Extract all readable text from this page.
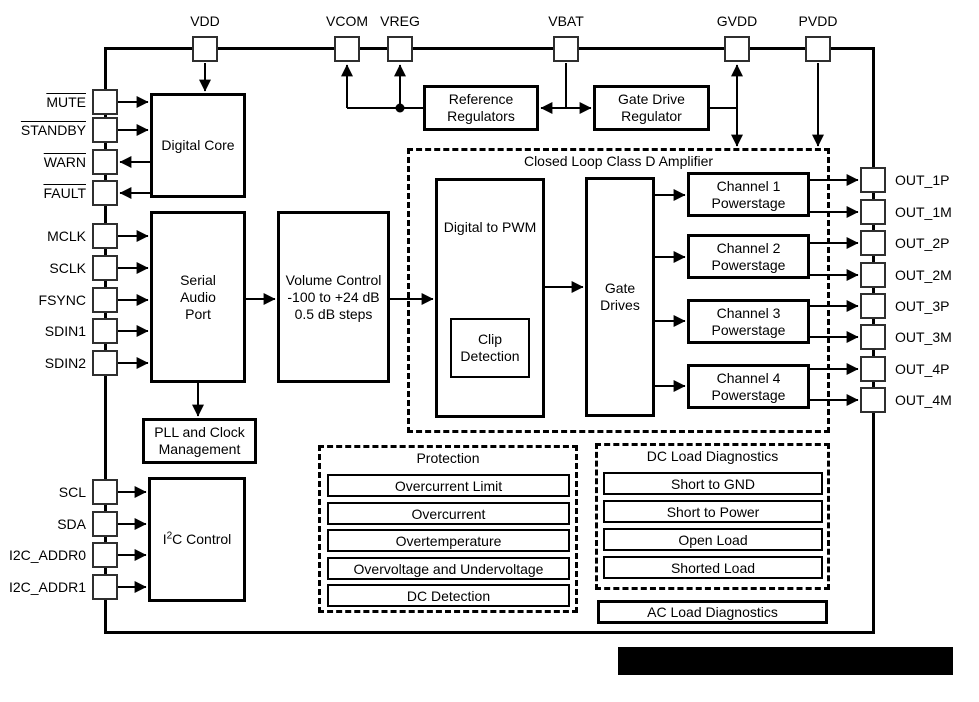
Closed Loop Class D Amplifier
Protection	DC Load Diagnostics
Digital Core
Serial
Audio
Port
Volume Control
-100 to +24 dB
0.5 dB steps
PLL and Clock
Management
$I^2C$ Control
Reference
Regulators
Gate Drive
Regulator
Digital to PWM
Clip
Detection
Gate
Drives
Channel 1
Powerstage
Channel 2
Powerstage
Channel 3
Powerstage
Channel 4
Powerstage
Overcurrent Limit
Overcurrent
Overtemperature
Overvoltage and Undervoltage
DC Detection
Short to GND
Short to Power
Open Load
Shorted Load
AC Load Diagnostics
VDD	VCOM VREG	VBAT	GVDD	PVDD
MUTE
STANDBY
WARN
FAULT
MCLK
SCLK
FSYNC
SDIN1
SDIN2
SCL
SDA
I2C_ADDR0
I2C_ADDR1
OUT_1P
OUT_1M
OUT_2P
OUT_2M
OUT_3P
OUT_3M
OUT_4P
OUT_4M
